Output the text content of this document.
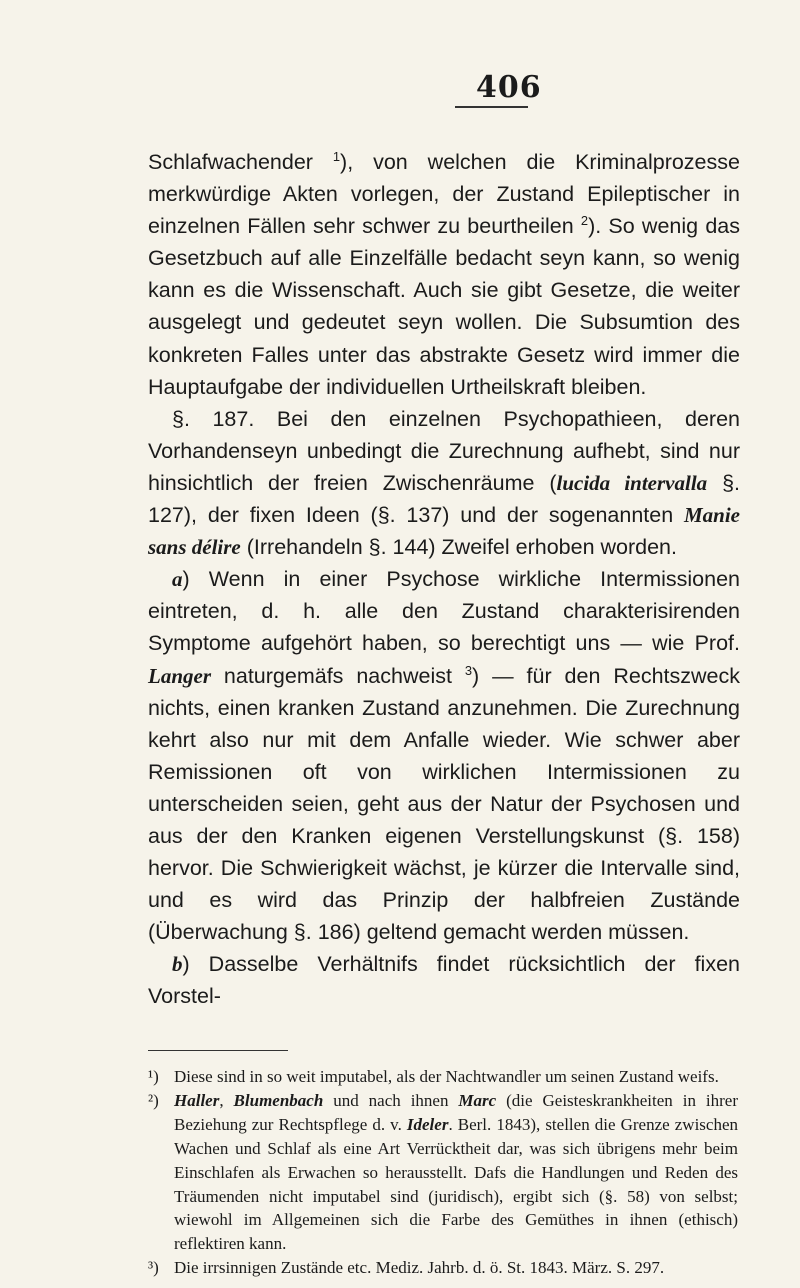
406

Schlafwachender $^1$), von welchen die Kriminalprozesse merkwürdige Akten vorlegen, der Zustand Epileptischer in einzelnen Fällen sehr schwer zu beurtheilen $^2$). So wenig das Gesetzbuch auf alle Einzelfälle bedacht seyn kann, so wenig kann es die Wissenschaft. Auch sie gibt Gesetze, die weiter ausgelegt und gedeutet seyn wollen. Die Subsumtion des konkreten Falles unter das abstrakte Gesetz wird immer die Hauptaufgabe der individuellen Urtheilskraft bleiben.

§. 187. Bei den einzelnen Psychopathieen, deren Vorhandenseyn unbedingt die Zurechnung aufhebt, sind nur hinsichtlich der freien Zwischenräume (lucida intervalla §. 127), der fixen Ideen (§. 137) und der sogenannten Manie sans délire (Irrehandeln §. 144) Zweifel erhoben worden.

a) Wenn in einer Psychose wirkliche Intermissionen eintreten, d. h. alle den Zustand charakterisirenden Symptome aufgehört haben, so berechtigt uns — wie Prof. Langer naturgemäfs nachweist $^3$) — für den Rechtszweck nichts, einen kranken Zustand anzunehmen. Die Zurechnung kehrt also nur mit dem Anfalle wieder. Wie schwer aber Remissionen oft von wirklichen Intermissionen zu unterscheiden seien, geht aus der Natur der Psychosen und aus der den Kranken eigenen Verstellungskunst (§. 158) hervor. Die Schwierigkeit wächst, je kürzer die Intervalle sind, und es wird das Prinzip der halbfreien Zustände (Überwachung §. 186) geltend gemacht werden müssen.

b) Dasselbe Verhältnifs findet rücksichtlich der fixen Vorstel-

¹) Diese sind in so weit imputabel, als der Nachtwandler um seinen Zustand weifs.

²) Haller, Blumenbach und nach ihnen Marc (die Geisteskrankheiten in ihrer Beziehung zur Rechtspflege d. v. Ideler. Berl. 1843), stellen die Grenze zwischen Wachen und Schlaf als eine Art Verrücktheit dar, was sich übrigens mehr beim Einschlafen als Erwachen so herausstellt. Dafs die Handlungen und Reden des Träumenden nicht imputabel sind (juridisch), ergibt sich (§. 58) von selbst; wiewohl im Allgemeinen sich die Farbe des Gemüthes in ihnen (ethisch) reflektiren kann.

³) Die irrsinnigen Zustände etc. Mediz. Jahrb. d. ö. St. 1843. März. S. 297.
